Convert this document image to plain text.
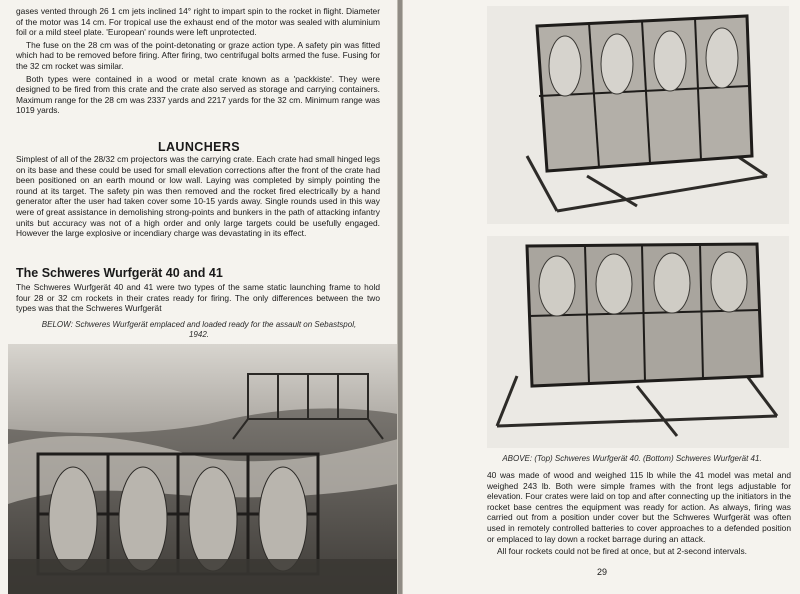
gases vented through 26 1 cm jets inclined 14° right to impart spin to the rocket in flight. Diameter of the motor was 14 cm. For tropical use the exhaust end of the motor was sealed with aluminium foil or a mild steel plate. 'European' rounds were left unprotected.

The fuse on the 28 cm was of the point-detonating or graze action type. A safety pin was fitted which had to be removed before firing. After firing, two centrifugal bolts armed the fuse. Fusing for the 32 cm rocket was similar.

Both types were contained in a wood or metal crate known as a 'packkiste'. They were designed to be fired from this crate and the crate also served as storage and carrying containers. Maximum range for the 28 cm was 2337 yards and 2217 yards for the 32 cm. Minimum range was 1019 yards.

LAUNCHERS

Simplest of all of the 28/32 cm projectors was the carrying crate. Each crate had small hinged legs on its base and these could be used for small elevation corrections after the front of the crate had been positioned on an earth mound or low wall. Laying was completed by simply pointing the round at its target. The safety pin was then removed and the rocket fired electrically by a hand generator after the user had taken cover some 10-15 yards away. Single rounds used in this way were of great assistance in demolishing strong-points and bunkers in the path of attacking infantry units but accuracy was not of a high order and only large targets could be usefully engaged. However the large explosive or incendiary charge was devastating in its effect.

The Schweres Wurfgerät 40 and 41

The Schweres Wurfgerät 40 and 41 were two types of the same static launching frame to hold four 28 or 32 cm rockets in their crates ready for firing. The only differences between the two types was that the Schweres Wurfgerät

BELOW: Schweres Wurfgerät emplaced and loaded ready for the assault on Sebastspol, 1942.
ABOVE: (Top) Schweres Wurfgerät 40. (Bottom) Schweres Wurfgerät 41.

40 was made of wood and weighed 115 lb while the 41 model was metal and weighed 243 lb. Both were simple frames with the front legs adjustable for elevation. Four crates were laid on top and after connecting up the initiators in the rocket base centres the equipment was ready for action. As always, firing was carried out from a position under cover but the Schweres Wurfgerät was often used in remotely controlled batteries to cover approaches to a defended position or emplaced to lay down a rocket barrage during an attack.

All four rockets could not be fired at once, but at 2-second intervals.

29
